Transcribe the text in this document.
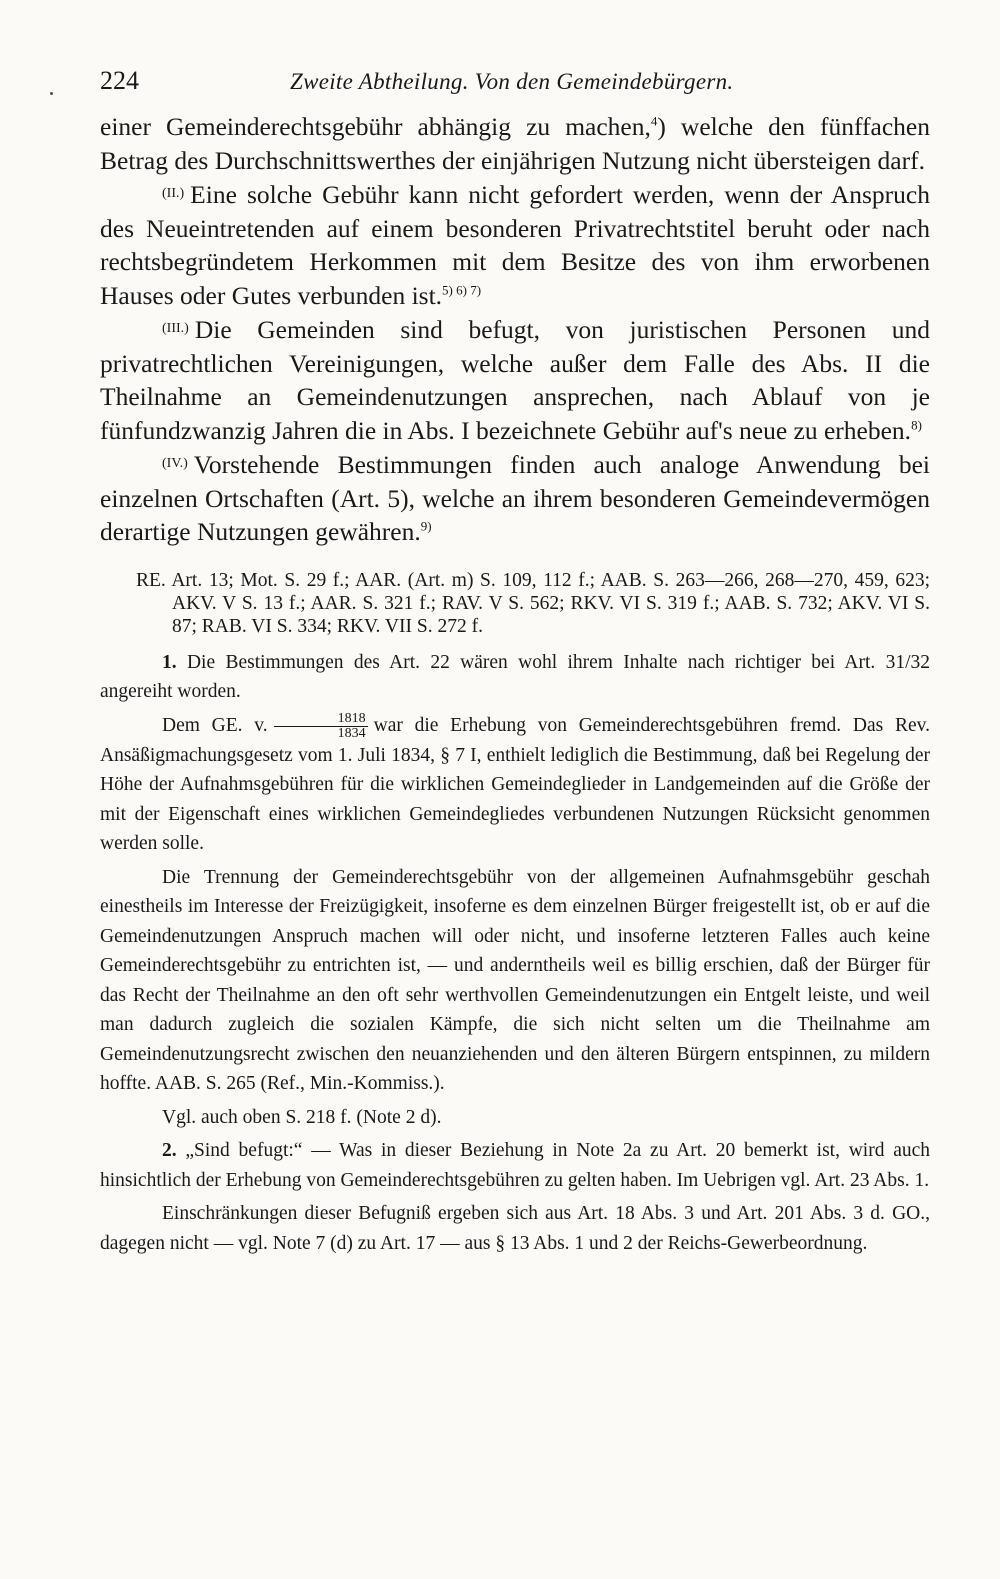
224	Zweite Abtheilung. Von den Gemeindebürgern.

einer Gemeinderechtsgebühr abhängig zu machen,$^4$) welche den fünffachen Betrag des Durchschnittswerthes der einjährigen Nutzung nicht übersteigen darf.

$^{(II.)}$ Eine solche Gebühr kann nicht gefordert werden, wenn der Anspruch des Neueintretenden auf einem besonderen Privatrechtstitel beruht oder nach rechtsbegründetem Herkommen mit dem Besitze des von ihm erworbenen Hauses oder Gutes verbunden ist.$^{5) 6) 7)}$

$^{(III.)}$ Die Gemeinden sind befugt, von juristischen Personen und privatrechtlichen Vereinigungen, welche außer dem Falle des Abs. II die Theilnahme an Gemeindenutzungen ansprechen, nach Ablauf von je fünfundzwanzig Jahren die in Abs. I bezeichnete Gebühr auf's neue zu erheben.$^{8)}$

$^{(IV.)}$ Vorstehende Bestimmungen finden auch analoge Anwendung bei einzelnen Ortschaften (Art. 5), welche an ihrem besonderen Gemeindevermögen derartige Nutzungen gewähren.$^{9)}$

RE. Art. 13; Mot. S. 29 f.; AAR. (Art. m) S. 109, 112 f.; AAB. S. 263—266, 268—270, 459, 623; AKV. V S. 13 f.; AAR. S. 321 f.; RAV. V S. 562; RKV. VI S. 319 f.; AAB. S. 732; AKV. VI S. 87; RAB. VI S. 334; RKV. VII S. 272 f.

1. Die Bestimmungen des Art. 22 wären wohl ihrem Inhalte nach richtiger bei Art. 31/32 angereiht worden.

Dem GE. v. $\frac{1818}{1834}$ war die Erhebung von Gemeinderechtsgebühren fremd. Das Rev. Ansäßigmachungsgesetz vom 1. Juli 1834, § 7 I, enthielt lediglich die Bestimmung, daß bei Regelung der Höhe der Aufnahmsgebühren für die wirklichen Gemeindeglieder in Landgemeinden auf die Größe der mit der Eigenschaft eines wirklichen Gemeindegliedes verbundenen Nutzungen Rücksicht genommen werden solle.

Die Trennung der Gemeinderechtsgebühr von der allgemeinen Aufnahmsgebühr geschah einestheils im Interesse der Freizügigkeit, insoferne es dem einzelnen Bürger freigestellt ist, ob er auf die Gemeindenutzungen Anspruch machen will oder nicht, und insoferne letzteren Falles auch keine Gemeinderechtsgebühr zu entrichten ist, — und anderntheils weil es billig erschien, daß der Bürger für das Recht der Theilnahme an den oft sehr werthvollen Gemeindenutzungen ein Entgelt leiste, und weil man dadurch zugleich die sozialen Kämpfe, die sich nicht selten um die Theilnahme am Gemeindenutzungsrecht zwischen den neuanziehenden und den älteren Bürgern entspinnen, zu mildern hoffte. AAB. S. 265 (Ref., Min.-Kommiss.).

Vgl. auch oben S. 218 f. (Note 2 d).

2. „Sind befugt:“ — Was in dieser Beziehung in Note 2a zu Art. 20 bemerkt ist, wird auch hinsichtlich der Erhebung von Gemeinderechtsgebühren zu gelten haben. Im Uebrigen vgl. Art. 23 Abs. 1.

Einschränkungen dieser Befugniß ergeben sich aus Art. 18 Abs. 3 und Art. 201 Abs. 3 d. GO., dagegen nicht — vgl. Note 7 (d) zu Art. 17 — aus § 13 Abs. 1 und 2 der Reichs-Gewerbeordnung.
